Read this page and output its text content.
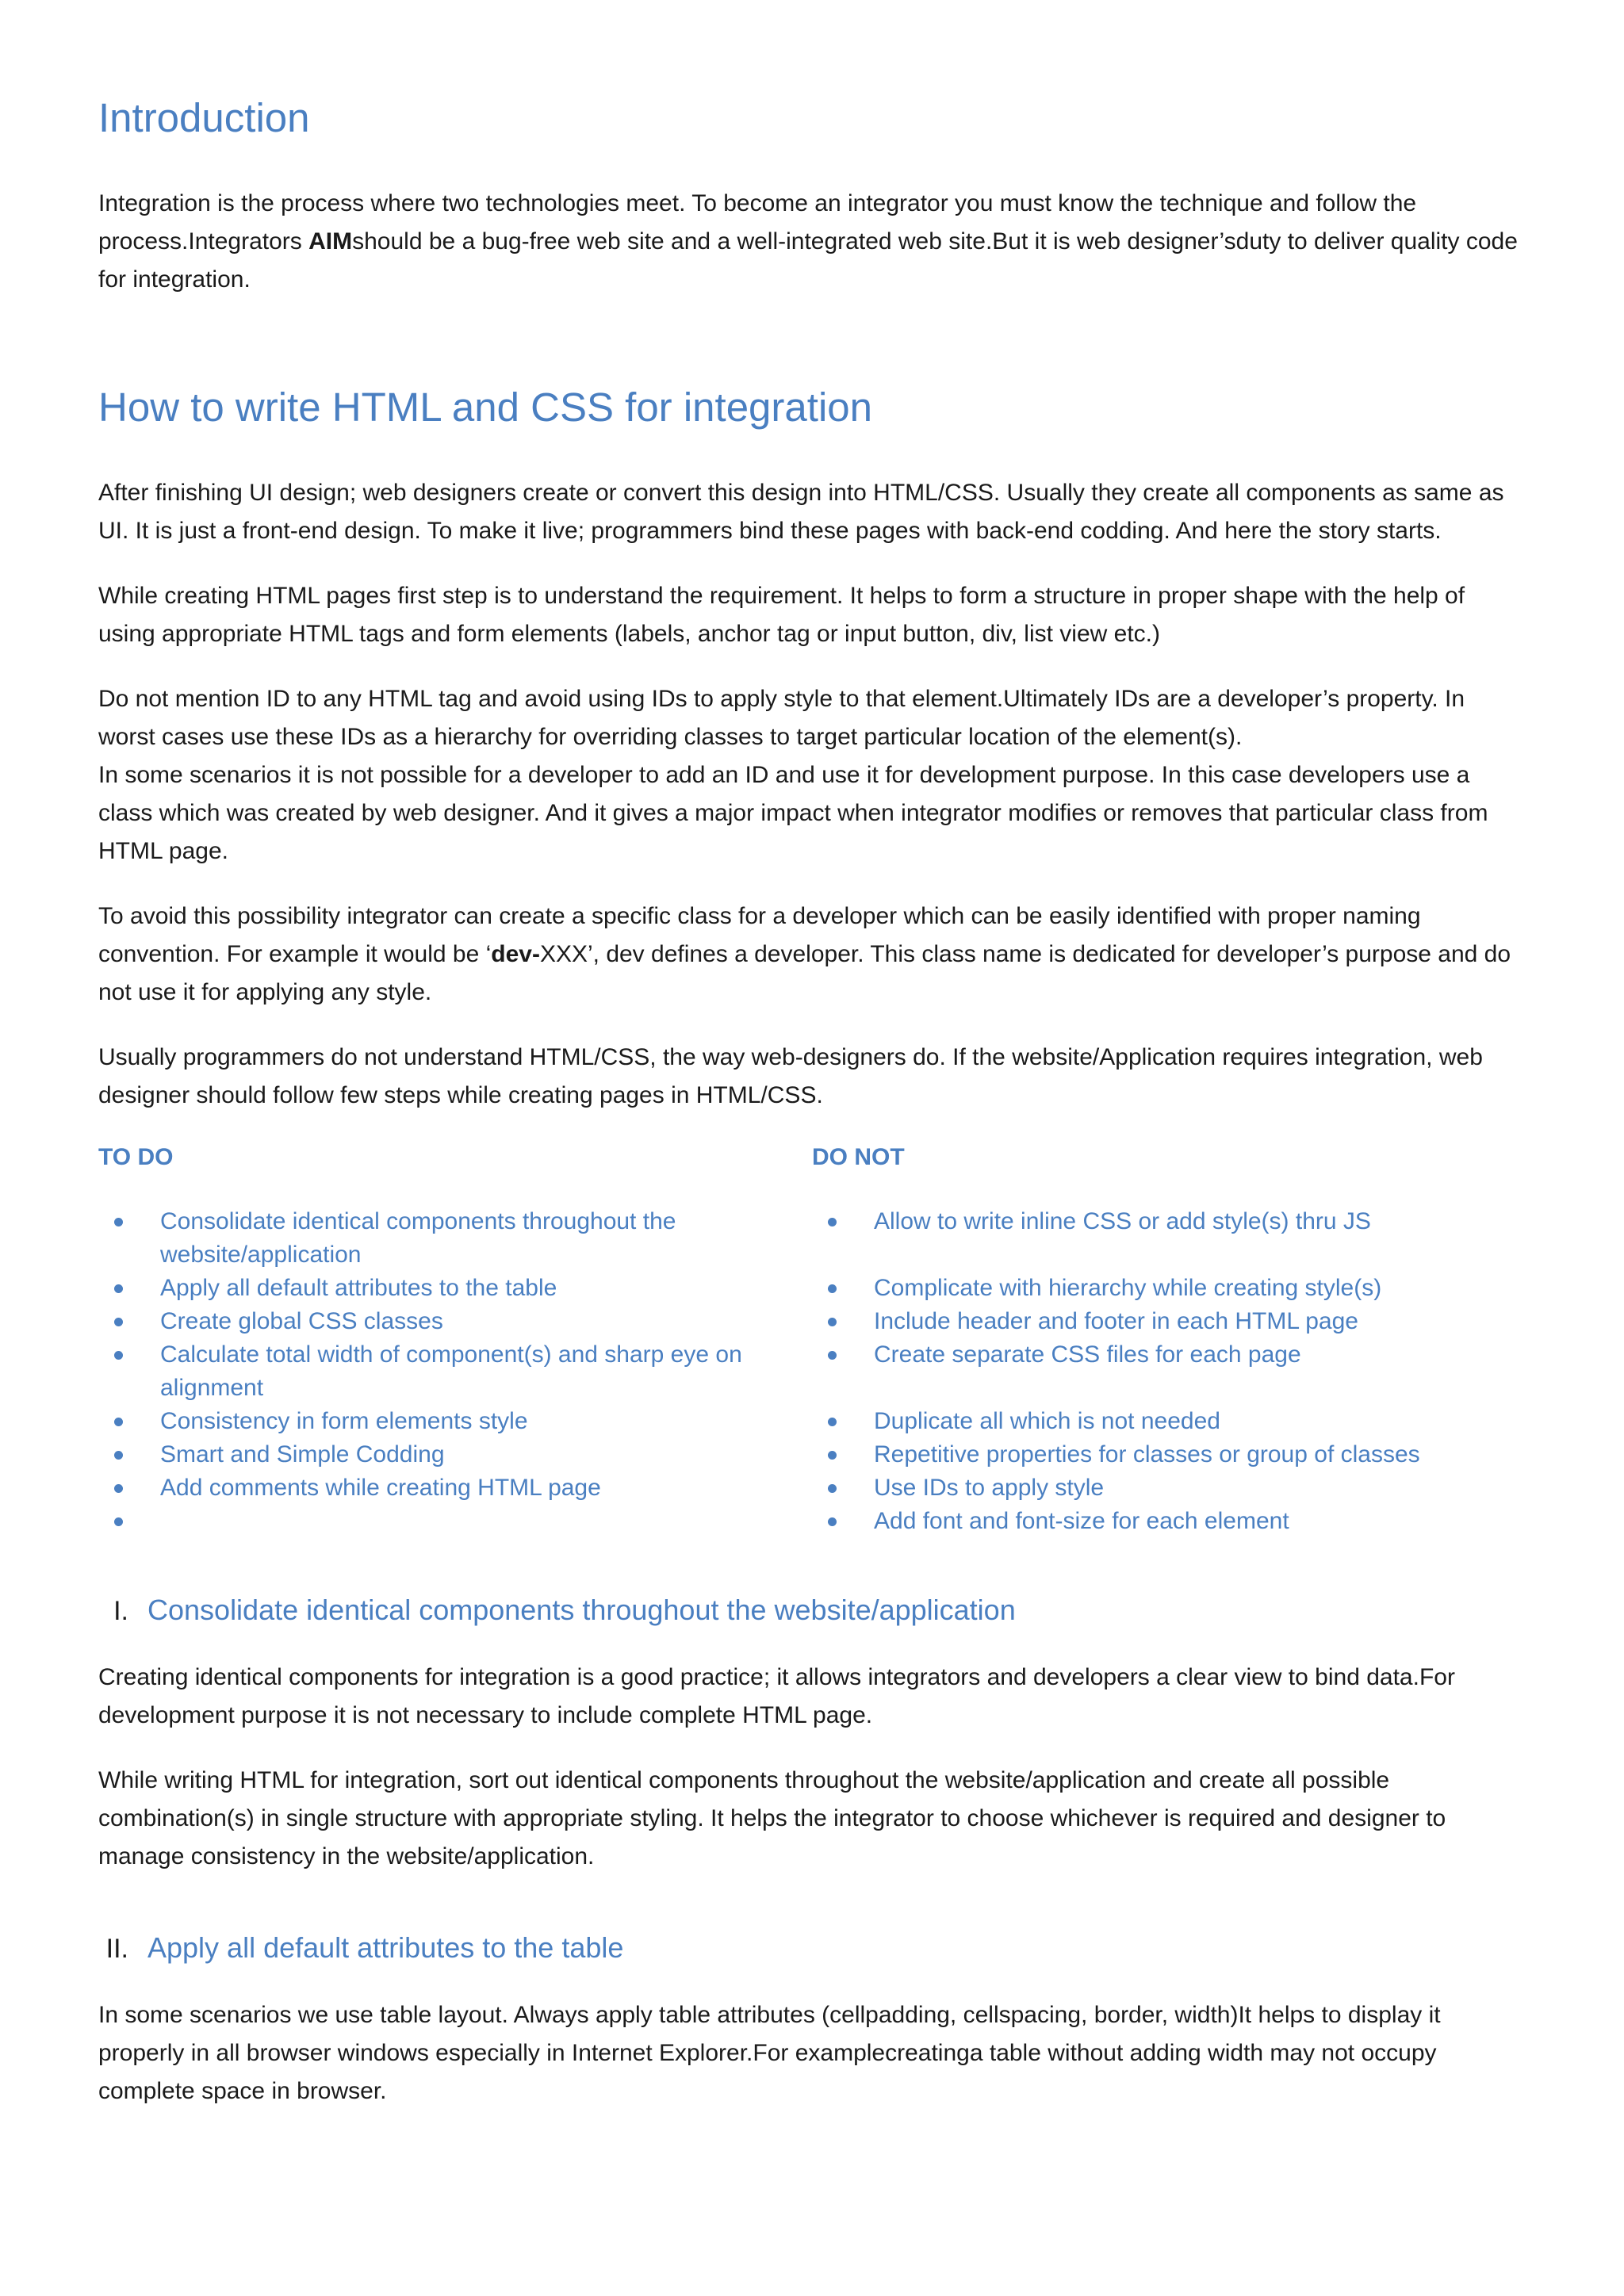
Introduction

Integration is the process where two technologies meet. To become an integrator you must know the technique and follow the process.Integrators AIMshould be a bug-free web site and a well-integrated web site.But it is web designer’sduty to deliver quality code for integration.

How to write HTML and CSS for integration

After finishing UI design; web designers create or convert this design into HTML/CSS. Usually they create all components as same as UI. It is just a front-end design. To make it live; programmers bind these pages with back-end codding. And here the story starts.

While creating HTML pages first step is to understand the requirement. It helps to form a structure in proper shape with the help of using appropriate HTML tags and form elements (labels, anchor tag or input button, div, list view etc.)

Do not mention ID to any HTML tag and avoid using IDs to apply style to that element.Ultimately IDs are a developer’s property. In worst cases use these IDs as a hierarchy for overriding classes to target particular location of the element(s).

In some scenarios it is not possible for a developer to add an ID and use it for development purpose. In this case developers use a class which was created by web designer. And it gives a major impact when integrator modifies or removes that particular class from HTML page.

To avoid this possibility integrator can create a specific class for a developer which can be easily identified with proper naming convention. For example it would be ‘dev-XXX’, dev defines a developer. This class name is dedicated for developer’s purpose and do not use it for applying any style.

Usually programmers do not understand HTML/CSS, the way web-designers do. If the website/Application requires integration, web designer should follow few steps while creating pages in HTML/CSS.

TO DO
Consolidate identical components throughout the website/application
Apply all default attributes to the table
Create global CSS classes
Calculate total width of component(s) and sharp eye on alignment
Consistency in form elements style
Smart and Simple Codding
Add comments while creating HTML page
DO NOT
Allow to write inline CSS or add style(s) thru JS
Complicate with hierarchy while creating style(s)
Include header and footer in each HTML page
Create separate CSS files for each page
Duplicate all which is not needed
Repetitive properties for classes or group of classes
Use IDs to apply style
Add font and font-size for each element
I. Consolidate identical components throughout the website/application

Creating identical components for integration is a good practice; it allows integrators and developers a clear view to bind data.For development purpose it is not necessary to include complete HTML page.

While writing HTML for integration, sort out identical components throughout the website/application and create all possible combination(s) in single structure with appropriate styling. It helps the integrator to choose whichever is required and designer to manage consistency in the website/application.

II. Apply all default attributes to the table

In some scenarios we use table layout. Always apply table attributes (cellpadding, cellspacing, border, width)It helps to display it properly in all browser windows especially in Internet Explorer.For examplecreatinga table without adding width may not occupy complete space in browser.
